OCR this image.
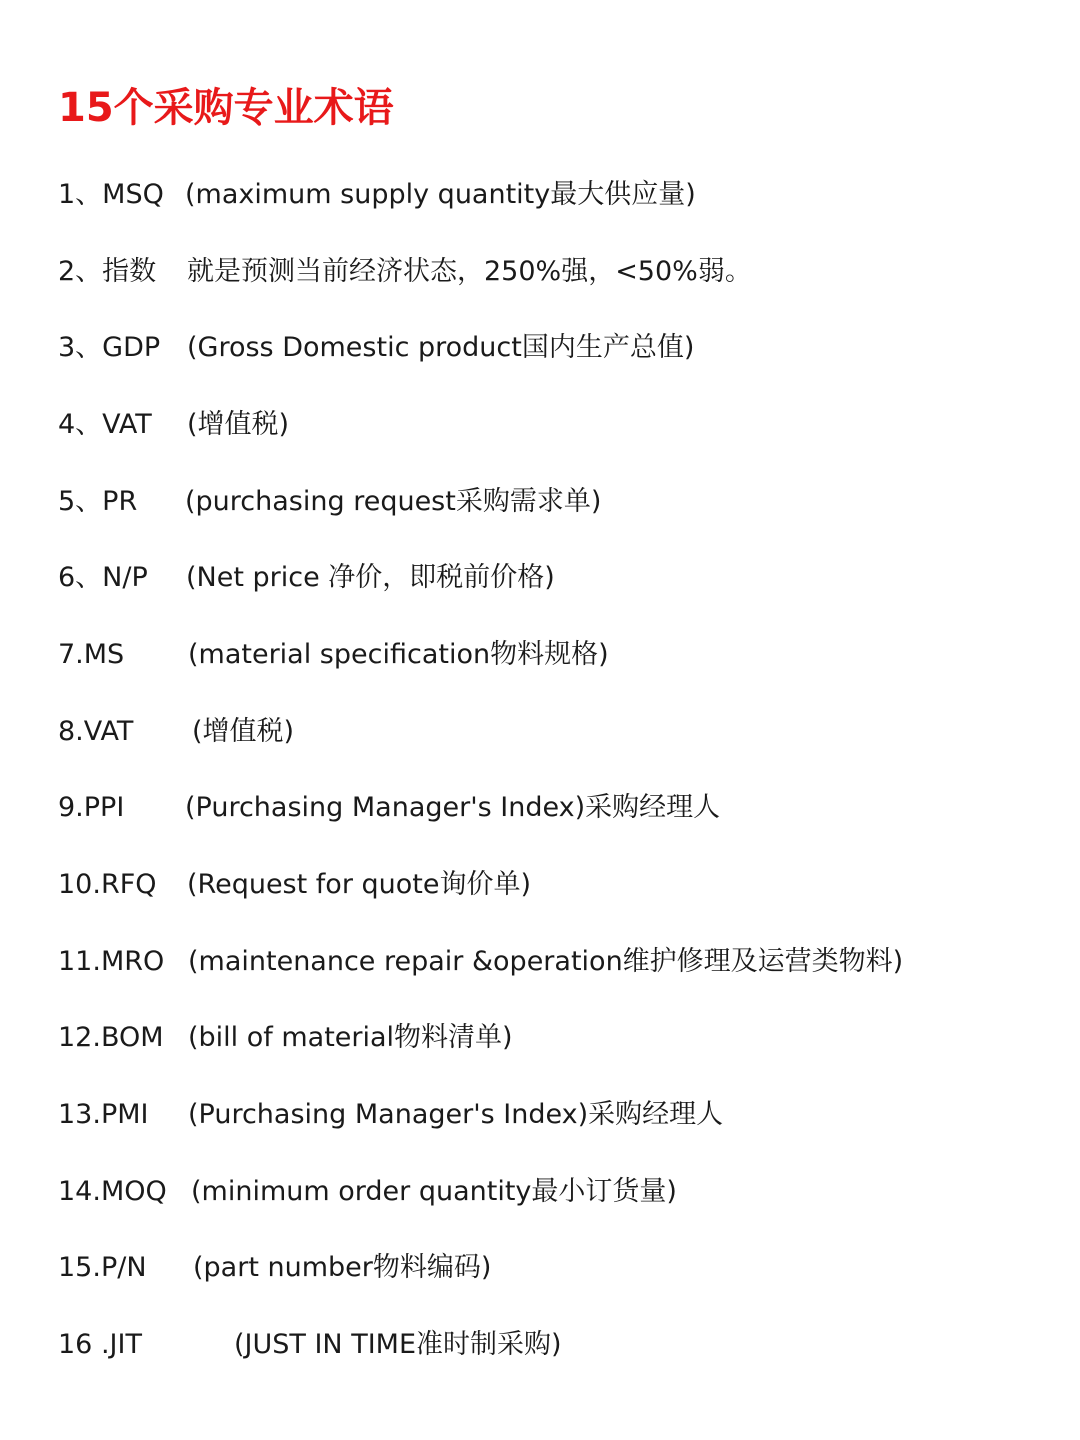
15个采购专业术语
1、MSQ (maximum supply quantity最大供应量)
2、指数 就是预测当前经济状态，250%强，<50%弱。
3、GDP (Gross Domestic product国内生产总值)
4、VAT (增值税)
5、PR (purchasing request采购需求单)
6、N/P (Net price 净价，即税前价格)
7.MS (material specification物料规格)
8.VAT (增值税)
9.PPI (Purchasing Manager's Index)采购经理人
10.RFQ (Request for quote询价单)
11.MRO (maintenance repair &operation维护修理及运营类物料)
12.BOM (bill of material物料清单)
13.PMI (Purchasing Manager's Index)采购经理人
14.MOQ (minimum order quantity最小订货量)
15.P/N (part number物料编码)
16 .JIT	(JUST IN TIME准时制采购)
